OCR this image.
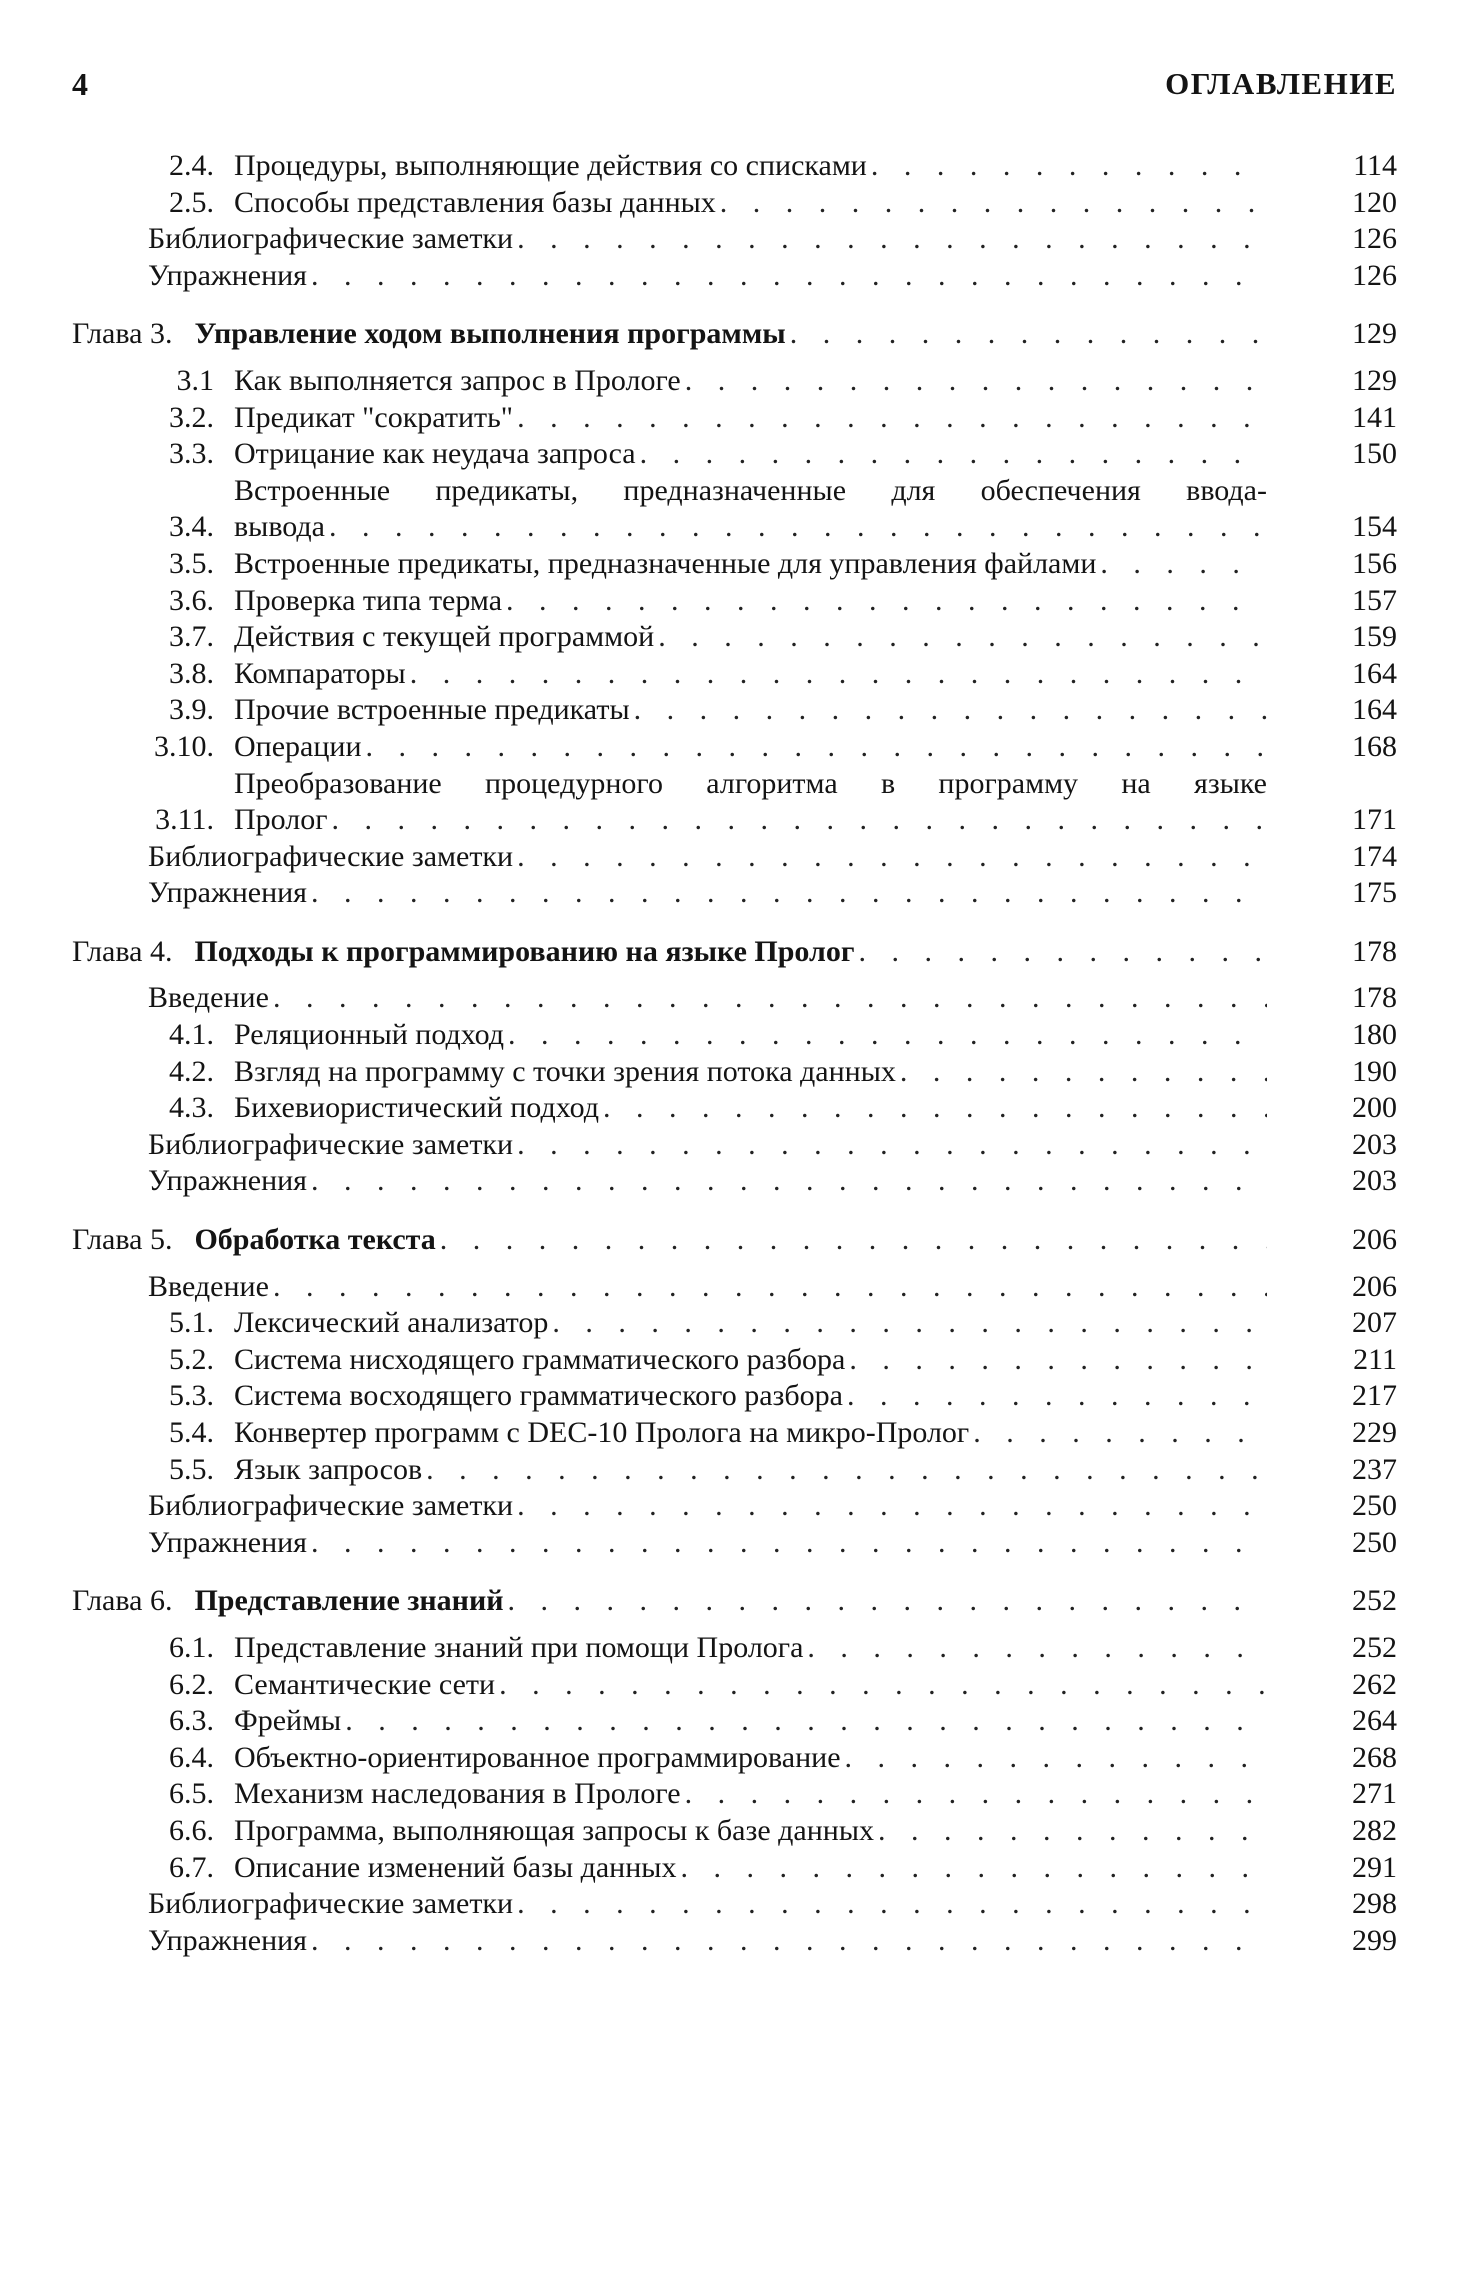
4	ОГЛАВЛЕНИЕ
2.4. Процедуры, выполняющие действия со списками . . .	114
2.5. Способы представления базы данных . . .	120
Библиографические заметки . . .	126
Упражнения . . .	126
Глава 3. Управление ходом выполнения программы . . .	129
3.1 Как выполняется запрос в Прологе . . .	129
3.2. Предикат "сократить" . . .	141
3.3. Отрицание как неудача запроса . . .	150
3.4.
Встроенные предикаты, предназначенные для обеспечения ввода-
вывода . . .	154
3.5. Встроенные предикаты, предназначенные для управления файлами . . .	156
3.6. Проверка типа терма . . .	157
3.7. Действия с текущей программой . . .	159
3.8. Компараторы . . .	164
3.9. Прочие встроенные предикаты . . .	164
3.10. Операции . . .	168
3.11.
Преобразование процедурного алгоритма в программу на языке
Пролог . . .	171
Библиографические заметки . . .	174
Упражнения . . .	175
Глава 4. Подходы к программированию на языке Пролог . . .	178
Введение . . .	178
4.1. Реляционный подход . . .	180
4.2. Взгляд на программу с точки зрения потока данных . . .	190
4.3. Бихевиористический подход . . .	200
Библиографические заметки . . .	203
Упражнения . . .	203
Глава 5. Обработка текста . . .	206
Введение . . .	206
5.1. Лексический анализатор . . .	207
5.2. Система нисходящего грамматического разбора . . .	211
5.3. Система восходящего грамматического разбора . . .	217
5.4. Конвертер программ с DEC-10 Пролога на микро-Пролог . . .	229
5.5. Язык запросов . . .	237
Библиографические заметки . . .	250
Упражнения . . .	250
Глава 6. Представление знаний . . .	252
6.1. Представление знаний при помощи Пролога . . .	252
6.2. Семантические сети . . .	262
6.3. Фреймы . . .	264
6.4. Объектно-ориентированное программирование . . .	268
6.5. Механизм наследования в Прологе . . .	271
6.6. Программа, выполняющая запросы к базе данных . . .	282
6.7. Описание изменений базы данных . . .	291
Библиографические заметки . . .	298
Упражнения . . .	299
